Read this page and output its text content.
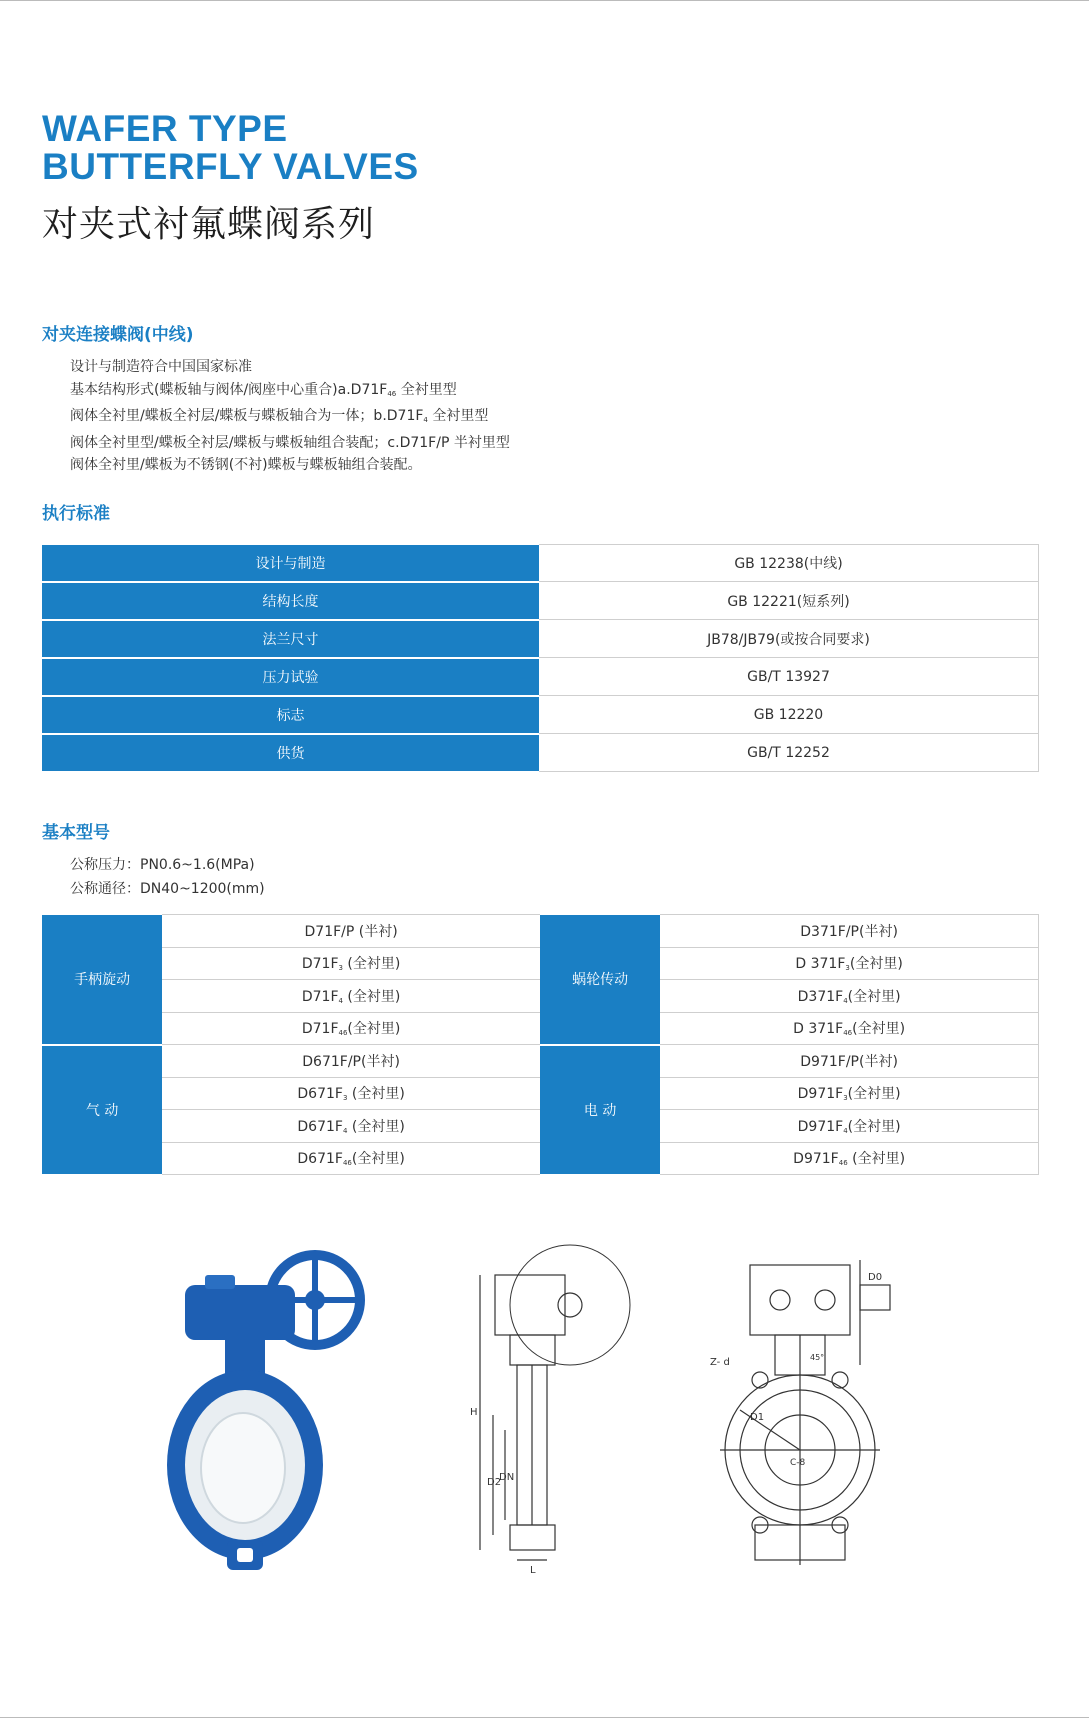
WAFER TYPE
BUTTERFLY VALVES
对夹式衬氟蝶阀系列
对夹连接蝶阀(中线)
设计与制造符合中国国家标准
基本结构形式(蝶板轴与阀体/阀座中心重合)$a.D71F_{46}$ 全衬里型
阀体全衬里/蝶板全衬层/蝶板与蝶板轴合为一体；$b.D71F_4$ 全衬里型
阀体全衬里型/蝶板全衬层/蝶板与蝶板轴组合装配；c.D71F/P 半衬里型
阀体全衬里/蝶板为不锈钢(不衬)蝶板与蝶板轴组合装配。
执行标准
设计与制造	GB 12238(中线)
结构长度	GB 12221(短系列)
法兰尺寸	JB78/JB79(或按合同要求)
压力试验	GB/T 13927
标志	GB 12220
供货	GB/T 12252
基本型号
公称压力：PN0.6~1.6(MPa)
公称通径：DN40~1200(mm)
手柄旋动	D71F/P (半衬)	蜗轮传动	D371F/P(半衬)
	$D71F_3$ (全衬里)		D $371F_3$(全衬里)
	$D71F_4$ (全衬里)		$D371F_4$(全衬里)
	$D71F_{46}$(全衬里)		D $371F_{46}$(全衬里)
气 动	D671F/P(半衬)	电 动	D971F/P(半衬)
	$D671F_3$ (全衬里)		$D971F_3$(全衬里)
	$D671F_4$ (全衬里)		$D971F_4$(全衬里)
	$D671F_{46}$(全衬里)		$D971F_{46}$ (全衬里)
H
D2
DN
L
D0
Z- d
D1
C-8
45°
